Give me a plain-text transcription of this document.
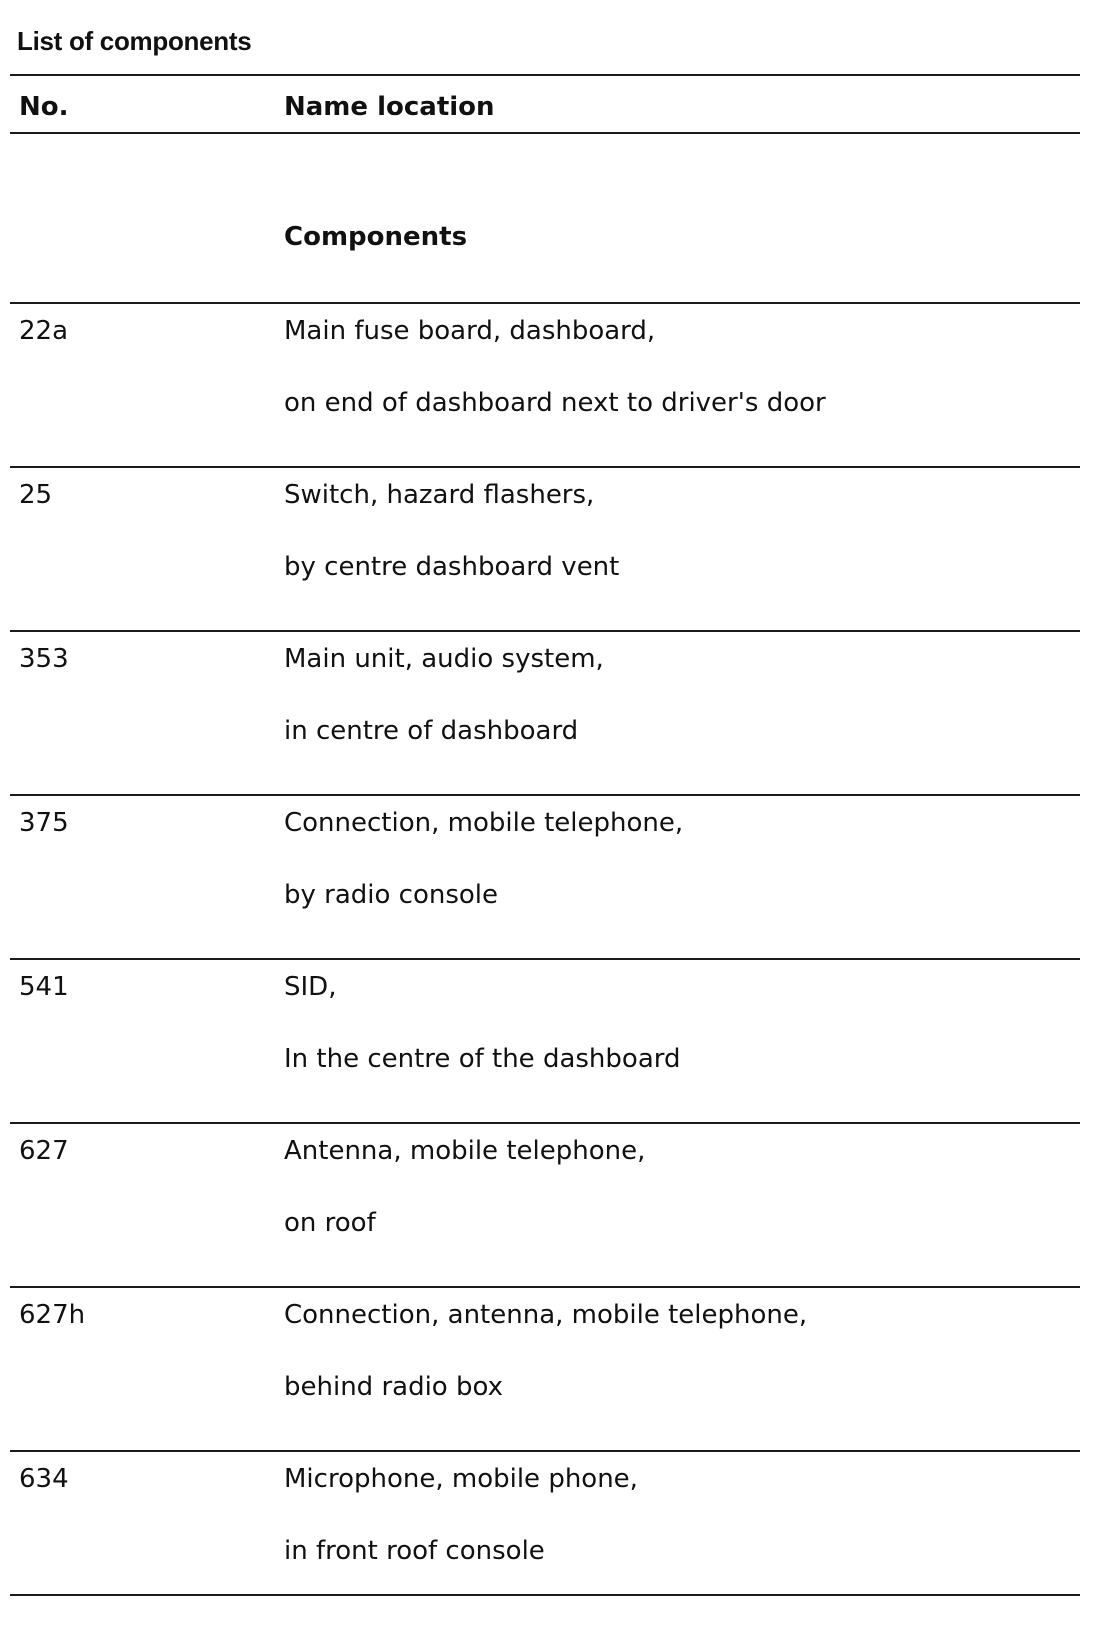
List of components
No.	Name location
Components
22a	Main fuse board, dashboard,
on end of dashboard next to driver's door
25	Switch, hazard flashers,
by centre dashboard vent
353	Main unit, audio system,
in centre of dashboard
375	Connection, mobile telephone,
by radio console
541	SID,
In the centre of the dashboard
627	Antenna, mobile telephone,
on roof
627h	Connection, antenna, mobile telephone,
behind radio box
634	Microphone, mobile phone,
in front roof console
